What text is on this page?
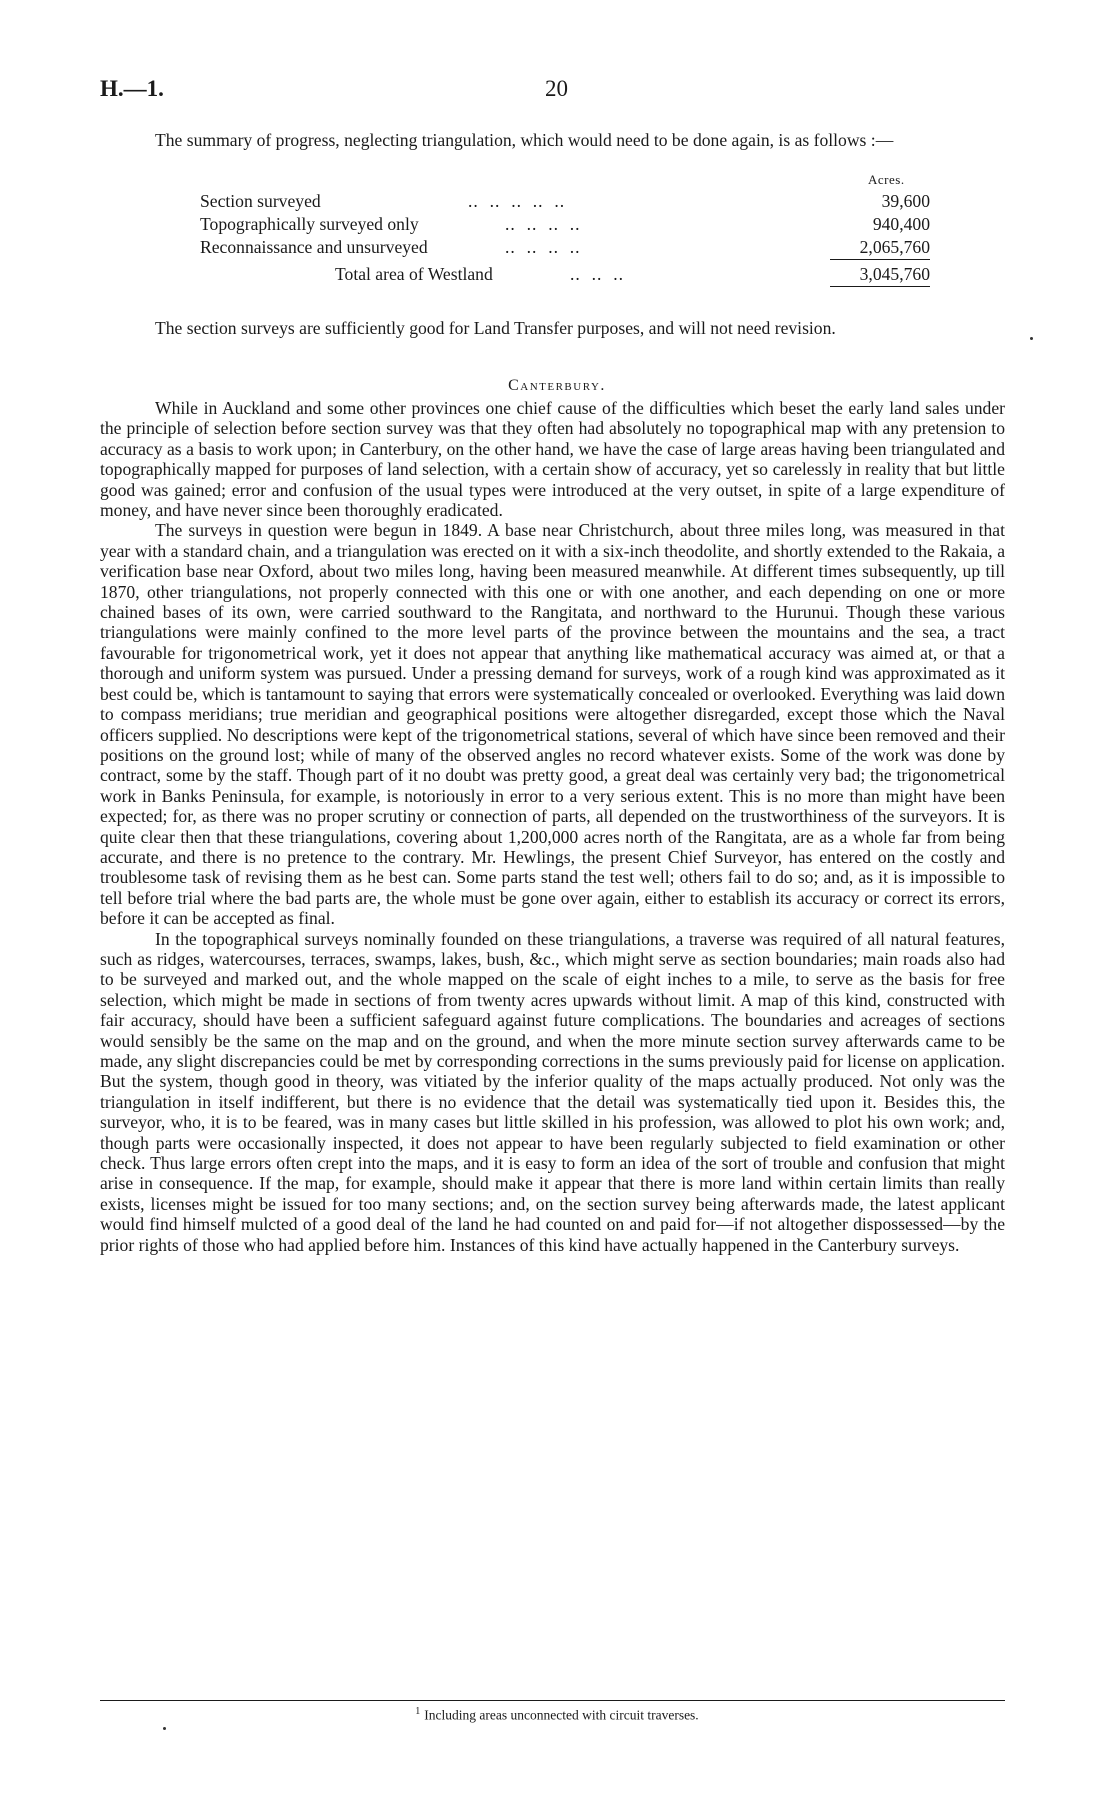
H.—1.	20

The summary of progress, neglecting triangulation, which would need to be done again, is as follows :—

Acres.
Section surveyed	..  ..  ..  ..  ..	39,600
Topographically surveyed only	..  ..  ..  ..	940,400
Reconnaissance and unsurveyed	..  ..  ..  ..	2,065,760
Total area of Westland	..  ..  ..	3,045,760

The section surveys are sufficiently good for Land Transfer purposes, and will not need revision.

Canterbury.

While in Auckland and some other provinces one chief cause of the difficulties which beset the early land sales under the principle of selection before section survey was that they often had absolutely no topographical map with any pretension to accuracy as a basis to work upon; in Canterbury, on the other hand, we have the case of large areas having been triangulated and topographically mapped for purposes of land selection, with a certain show of accuracy, yet so carelessly in reality that but little good was gained; error and confusion of the usual types were introduced at the very outset, in spite of a large expenditure of money, and have never since been thoroughly eradicated.

The surveys in question were begun in 1849. A base near Christchurch, about three miles long, was measured in that year with a standard chain, and a triangulation was erected on it with a six-inch theodolite, and shortly extended to the Rakaia, a verification base near Oxford, about two miles long, having been measured meanwhile. At different times subsequently, up till 1870, other triangulations, not properly connected with this one or with one another, and each depending on one or more chained bases of its own, were carried southward to the Rangitata, and northward to the Hurunui. Though these various triangulations were mainly confined to the more level parts of the province between the mountains and the sea, a tract favourable for trigonometrical work, yet it does not appear that anything like mathematical accuracy was aimed at, or that a thorough and uniform system was pursued. Under a pressing demand for surveys, work of a rough kind was approximated as it best could be, which is tantamount to saying that errors were systematically concealed or overlooked. Everything was laid down to compass meridians; true meridian and geographical positions were altogether disregarded, except those which the Naval officers supplied. No descriptions were kept of the trigonometrical stations, several of which have since been removed and their positions on the ground lost; while of many of the observed angles no record whatever exists. Some of the work was done by contract, some by the staff. Though part of it no doubt was pretty good, a great deal was certainly very bad; the trigonometrical work in Banks Peninsula, for example, is notoriously in error to a very serious extent. This is no more than might have been expected; for, as there was no proper scrutiny or connection of parts, all depended on the trustworthiness of the surveyors. It is quite clear then that these triangulations, covering about 1,200,000 acres north of the Rangitata, are as a whole far from being accurate, and there is no pretence to the contrary. Mr. Hewlings, the present Chief Surveyor, has entered on the costly and troublesome task of revising them as he best can. Some parts stand the test well; others fail to do so; and, as it is impossible to tell before trial where the bad parts are, the whole must be gone over again, either to establish its accuracy or correct its errors, before it can be accepted as final.

In the topographical surveys nominally founded on these triangulations, a traverse was required of all natural features, such as ridges, watercourses, terraces, swamps, lakes, bush, &c., which might serve as section boundaries; main roads also had to be surveyed and marked out, and the whole mapped on the scale of eight inches to a mile, to serve as the basis for free selection, which might be made in sections of from twenty acres upwards without limit. A map of this kind, constructed with fair accuracy, should have been a sufficient safeguard against future complications. The boundaries and acreages of sections would sensibly be the same on the map and on the ground, and when the more minute section survey afterwards came to be made, any slight discrepancies could be met by corresponding corrections in the sums previously paid for license on application. But the system, though good in theory, was vitiated by the inferior quality of the maps actually produced. Not only was the triangulation in itself indifferent, but there is no evidence that the detail was systematically tied upon it. Besides this, the surveyor, who, it is to be feared, was in many cases but little skilled in his profession, was allowed to plot his own work; and, though parts were occasionally inspected, it does not appear to have been regularly subjected to field examination or other check. Thus large errors often crept into the maps, and it is easy to form an idea of the sort of trouble and confusion that might arise in consequence. If the map, for example, should make it appear that there is more land within certain limits than really exists, licenses might be issued for too many sections; and, on the section survey being afterwards made, the latest applicant would find himself mulcted of a good deal of the land he had counted on and paid for—if not altogether dispossessed—by the prior rights of those who had applied before him. Instances of this kind have actually happened in the Canterbury surveys.

$^1$ Including areas unconnected with circuit traverses.
